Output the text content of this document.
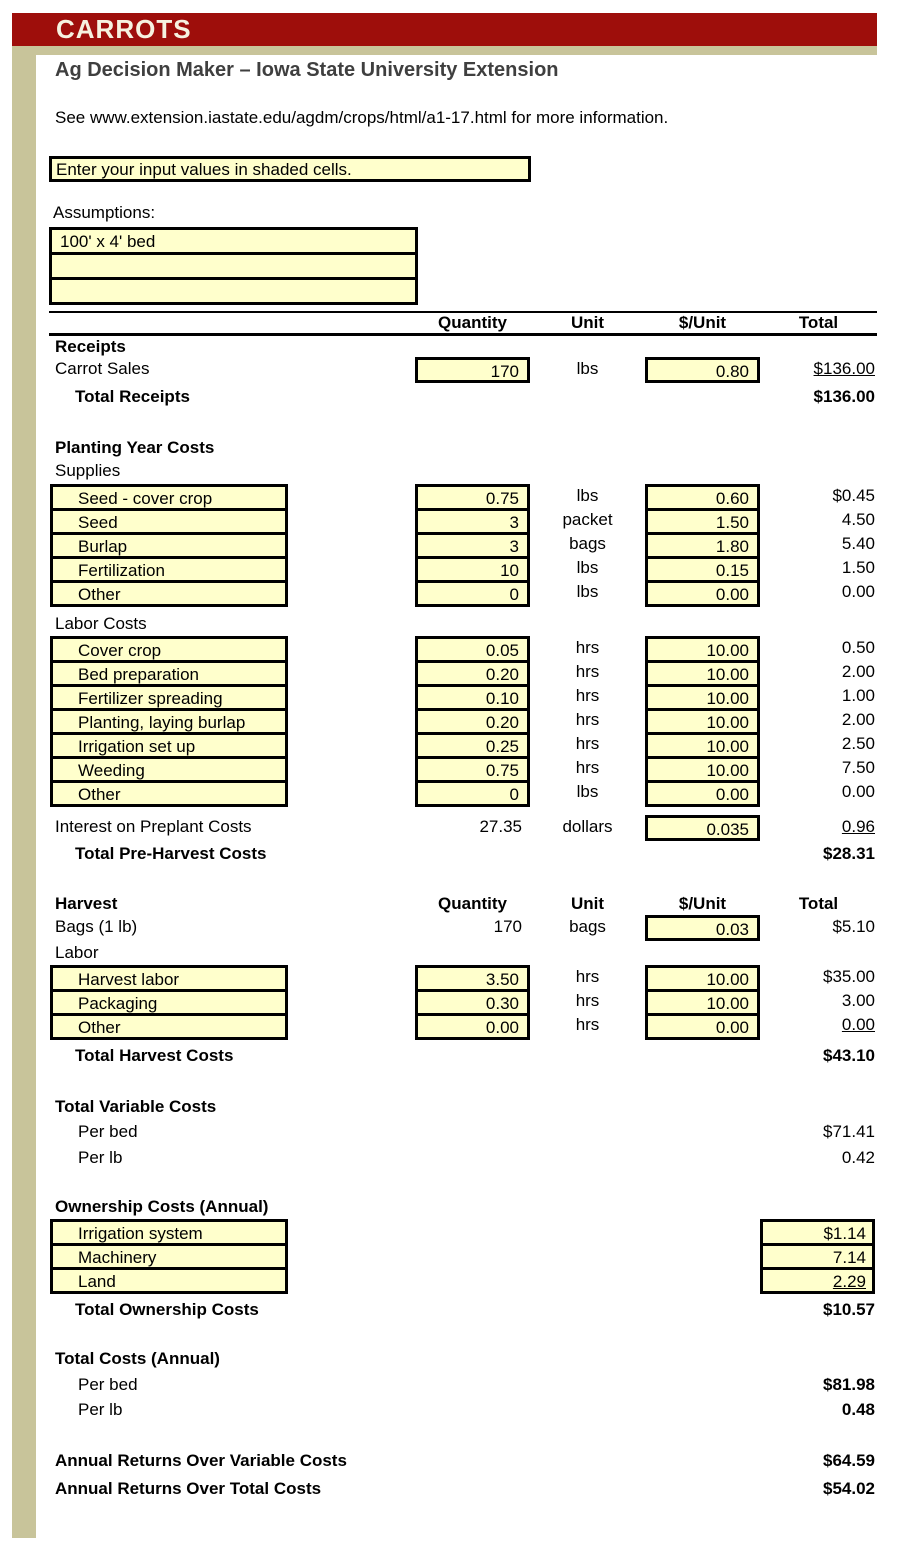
CARROTS
Ag Decision Maker – Iowa State University Extension
See www.extension.iastate.edu/agdm/crops/html/a1-17.html for more information.
Enter your input values in shaded cells.
Assumptions:
100' x 4' bed
Quantity	Unit	$/Unit	Total
Receipts
Carrot Sales	170	lbs	0.80	$136.00
Total Receipts	$136.00
Planting Year Costs
Supplies
Seed - cover crop	0.75	lbs	0.60	$0.45
Seed	3	packet	1.50	4.50
Burlap	3	bags	1.80	5.40
Fertilization	10	lbs	0.15	1.50
Other	0	lbs	0.00	0.00
Labor Costs
Cover crop	0.05	hrs	10.00	0.50
Bed preparation	0.20	hrs	10.00	2.00
Fertilizer spreading	0.10	hrs	10.00	1.00
Planting, laying burlap	0.20	hrs	10.00	2.00
Irrigation set up	0.25	hrs	10.00	2.50
Weeding	0.75	hrs	10.00	7.50
Other	0	lbs	0.00	0.00
Interest on Preplant Costs	27.35	dollars	0.035	0.96
Total Pre-Harvest Costs	$28.31
Harvest	Quantity	Unit	$/Unit	Total
Bags (1 lb)	170	bags	0.03	$5.10
Labor
Harvest labor	3.50	hrs	10.00	$35.00
Packaging	0.30	hrs	10.00	3.00
Other	0.00	hrs	0.00	0.00
Total Harvest Costs	$43.10
Total Variable Costs
Per bed	$71.41
Per lb	0.42
Ownership Costs (Annual)
Irrigation system	$1.14
Machinery	7.14
Land	2.29
Total Ownership Costs	$10.57
Total Costs (Annual)
Per bed	$81.98
Per lb	0.48
Annual Returns Over Variable Costs	$64.59
Annual Returns Over Total Costs	$54.02
